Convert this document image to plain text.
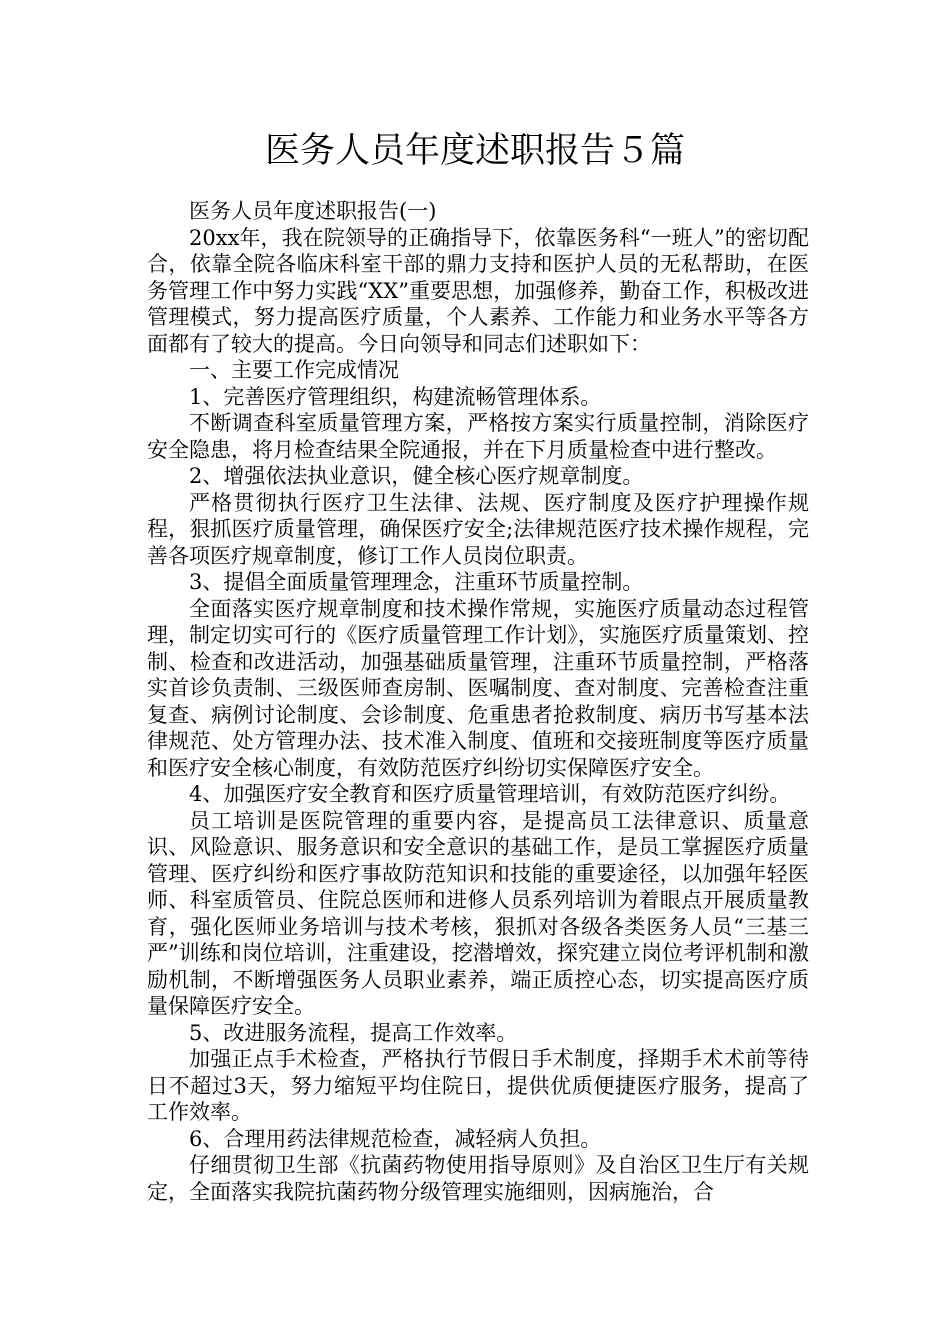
医务人员年度述职报告５篇

医务人员年度述职报告(一)

20xx年，我在院领导的正确指导下，依靠医务科“一班人”的密切配合，依靠全院各临床科室干部的鼎力支持和医护人员的无私帮助，在医务管理工作中努力实践“XX”重要思想，加强修养，勤奋工作，积极改进管理模式，努力提高医疗质量，个人素养、工作能力和业务水平等各方面都有了较大的提高。今日向领导和同志们述职如下：

一、主要工作完成情况

1、完善医疗管理组织，构建流畅管理体系。

不断调查科室质量管理方案，严格按方案实行质量控制，消除医疗安全隐患，将月检查结果全院通报，并在下月质量检查中进行整改。

2、增强依法执业意识，健全核心医疗规章制度。

严格贯彻执行医疗卫生法律、法规、医疗制度及医疗护理操作规程，狠抓医疗质量管理，确保医疗安全;法律规范医疗技术操作规程，完善各项医疗规章制度，修订工作人员岗位职责。

3、提倡全面质量管理理念，注重环节质量控制。

全面落实医疗规章制度和技术操作常规，实施医疗质量动态过程管理，制定切实可行的《医疗质量管理工作计划》，实施医疗质量策划、控制、检查和改进活动，加强基础质量管理，注重环节质量控制，严格落实首诊负责制、三级医师查房制、医嘱制度、查对制度、完善检查注重复查、病例讨论制度、会诊制度、危重患者抢救制度、病历书写基本法律规范、处方管理办法、技术准入制度、值班和交接班制度等医疗质量和医疗安全核心制度，有效防范医疗纠纷切实保障医疗安全。

4、加强医疗安全教育和医疗质量管理培训，有效防范医疗纠纷。

员工培训是医院管理的重要内容，是提高员工法律意识、质量意识、风险意识、服务意识和安全意识的基础工作，是员工掌握医疗质量管理、医疗纠纷和医疗事故防范知识和技能的重要途径，以加强年轻医师、科室质管员、住院总医师和进修人员系列培训为着眼点开展质量教育，强化医师业务培训与技术考核，狠抓对各级各类医务人员“三基三严”训练和岗位培训，注重建设，挖潜增效，探究建立岗位考评机制和激励机制，不断增强医务人员职业素养，端正质控心态，切实提高医疗质量保障医疗安全。

5、改进服务流程，提高工作效率。

加强正点手术检查，严格执行节假日手术制度，择期手术术前等待日不超过3天，努力缩短平均住院日，提供优质便捷医疗服务，提高了工作效率。

6、合理用药法律规范检查，减轻病人负担。

仔细贯彻卫生部《抗菌药物使用指导原则》及自治区卫生厅有关规定，全面落实我院抗菌药物分级管理实施细则，因病施治，合
